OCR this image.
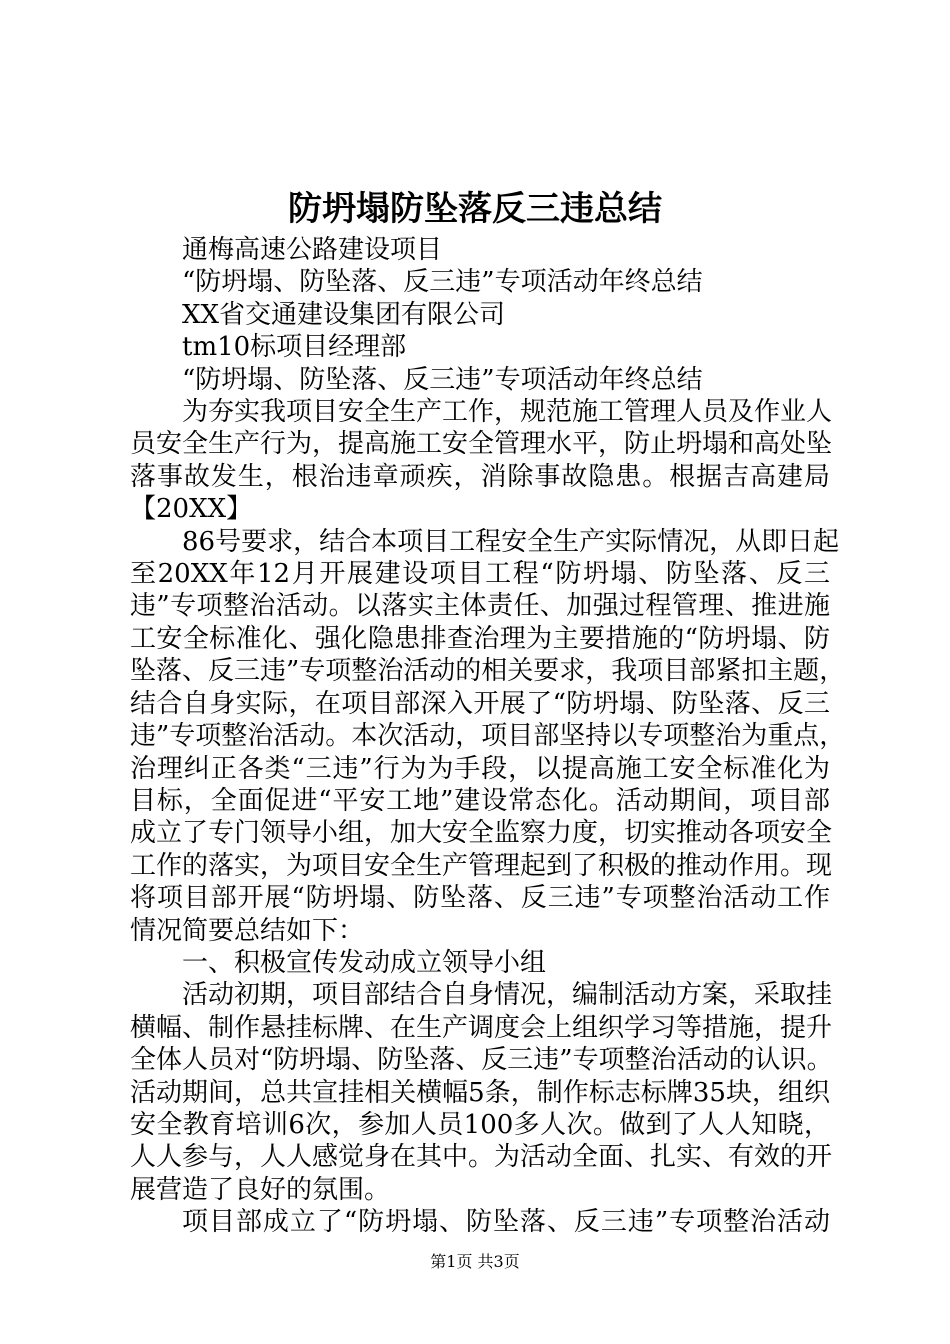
防坍塌防坠落反三违总结

通梅高速公路建设项目

“防坍塌、防坠落、反三违”专项活动年终总结

XX省交通建设集团有限公司

tm10标项目经理部

“防坍塌、防坠落、反三违”专项活动年终总结

为夯实我项目安全生产工作，规范施工管理人员及作业人

员安全生产行为，提高施工安全管理水平，防止坍塌和高处坠

落事故发生，根治违章顽疾，消除事故隐患。根据吉高建局

【20XX】

86号要求，结合本项目工程安全生产实际情况，从即日起

至20XX年12月开展建设项目工程“防坍塌、防坠落、反三

违”专项整治活动。以落实主体责任、加强过程管理、推进施

工安全标准化、强化隐患排查治理为主要措施的“防坍塌、防

坠落、反三违”专项整治活动的相关要求，我项目部紧扣主题，

结合自身实际，在项目部深入开展了“防坍塌、防坠落、反三

违”专项整治活动。本次活动，项目部坚持以专项整治为重点，

治理纠正各类“三违”行为为手段，以提高施工安全标准化为

目标，全面促进“平安工地”建设常态化。活动期间，项目部

成立了专门领导小组，加大安全监察力度，切实推动各项安全

工作的落实，为项目安全生产管理起到了积极的推动作用。现

将项目部开展“防坍塌、防坠落、反三违”专项整治活动工作

情况简要总结如下：

一、积极宣传发动成立领导小组

活动初期，项目部结合自身情况，编制活动方案，采取挂

横幅、制作悬挂标牌、在生产调度会上组织学习等措施，提升

全体人员对“防坍塌、防坠落、反三违”专项整治活动的认识。

活动期间，总共宣挂相关横幅5条，制作标志标牌35块，组织

安全教育培训6次，参加人员100多人次。做到了人人知晓，

人人参与，人人感觉身在其中。为活动全面、扎实、有效的开

展营造了良好的氛围。

项目部成立了“防坍塌、防坠落、反三违”专项整治活动

第1页 共3页
